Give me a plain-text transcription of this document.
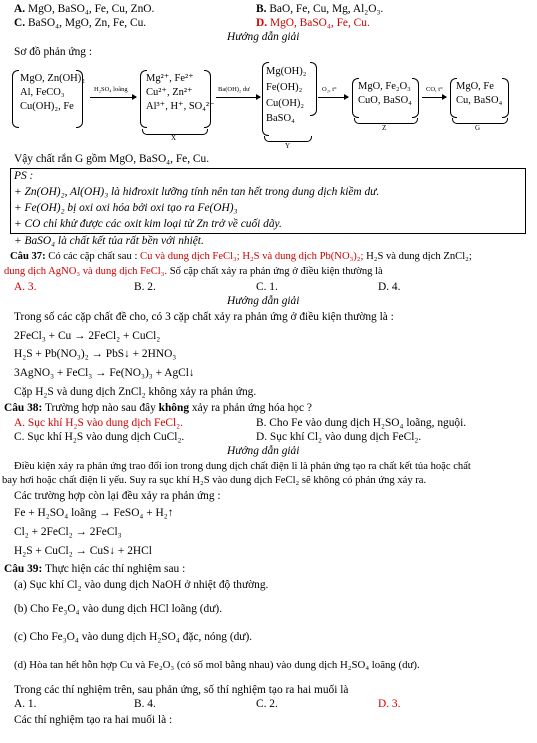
A. MgO, BaSO₄, Fe, Cu, ZnO.	B. BaO, Fe, Cu, Mg, Al₂O₃.
C. BaSO₄, MgO, Zn, Fe, Cu.	D. MgO, BaSO₄, Fe, Cu.
Hướng dẫn giải
Sơ đồ phản ứng :
MgO, Zn(OH)₂
Al, FeCO₃
Cu(OH)₂, Fe
H₂SO₄ loãng
Mg²⁺, Fe²⁺
Cu²⁺, Zn²⁺
Al³⁺, H⁺, SO₄²⁻
X
Ba(OH)₂ dư
Mg(OH)₂
Fe(OH)₂
Cu(OH)₂
BaSO₄
Y
O₂, t° MgO, Fe₂O₃
CuO, BaSO₄
Z
CO, t° MgO, Fe
Cu, BaSO₄
G
Vậy chất rắn G gồm MgO, BaSO₄, Fe, Cu.
PS :
+ Zn(OH)₂, Al(OH)₃ là hiđroxit lưỡng tính nên tan hết trong dung dịch kiềm dư.
+ Fe(OH)₂ bị oxi oxi hóa bởi oxi tạo ra Fe(OH)₃
+ CO chỉ khử được các oxit kim loại từ Zn trở về cuối dãy.
+ BaSO₄ là chất kết tủa rất bền với nhiệt.
Câu 37: Có các cặp chất sau : Cu và dung dịch FeCl₃; H₂S và dung dịch Pb(NO₃)₂; H₂S và dung dịch ZnCl₂;
dung dịch AgNO₃ và dung dịch FeCl₃. Số cặp chất xảy ra phản ứng ở điều kiện thường là
A. 3.	B. 2.	C. 1.	D. 4.
Hướng dẫn giải
Trong số các cặp chất đề cho, có 3 cặp chất xảy ra phản ứng ở điều kiện thường là :
2FeCl₃ + Cu → 2FeCl₂ + CuCl₂
H₂S + Pb(NO₃)₂ → PbS↓ + 2HNO₃
3AgNO₃ + FeCl₃ → Fe(NO₃)₃ + AgCl↓
Cặp H₂S và dung dịch ZnCl₂ không xảy ra phản ứng.
Câu 38: Trường hợp nào sau đây không xảy ra phản ứng hóa học ?
A. Sục khí H₂S vào dung dịch FeCl₂.	B. Cho Fe vào dung dịch H₂SO₄ loãng, nguội.
C. Sục khí H₂S vào dung dịch CuCl₂.	D. Sục khí Cl₂ vào dung dịch FeCl₂.
Hướng dẫn giải
Điều kiện xảy ra phản ứng trao đổi ion trong dung dịch chất điện li là phản ứng tạo ra chất kết tủa hoặc chất
bay hơi hoặc chất điện li yếu. Suy ra sục khí H₂S vào dung dịch FeCl₂ sẽ không có phản ứng xảy ra.
Các trường hợp còn lại đều xảy ra phản ứng :
Fe + H₂SO₄ loãng → FeSO₄ + H₂↑
Cl₂ + 2FeCl₂ → 2FeCl₃
H₂S + CuCl₂ → CuS↓ + 2HCl
Câu 39: Thực hiện các thí nghiệm sau :
(a) Sục khí Cl₂ vào dung dịch NaOH ở nhiệt độ thường.
(b) Cho Fe₃O₄ vào dung dịch HCl loãng (dư).
(c) Cho Fe₃O₄ vào dung dịch H₂SO₄ đặc, nóng (dư).
(d) Hòa tan hết hỗn hợp Cu và Fe₂O₃ (có số mol bằng nhau) vào dung dịch H₂SO₄ loãng (dư).
Trong các thí nghiệm trên, sau phản ứng, số thí nghiệm tạo ra hai muối là
A. 1.	B. 4.	C. 2.	D. 3.
Các thí nghiệm tạo ra hai muối là :
